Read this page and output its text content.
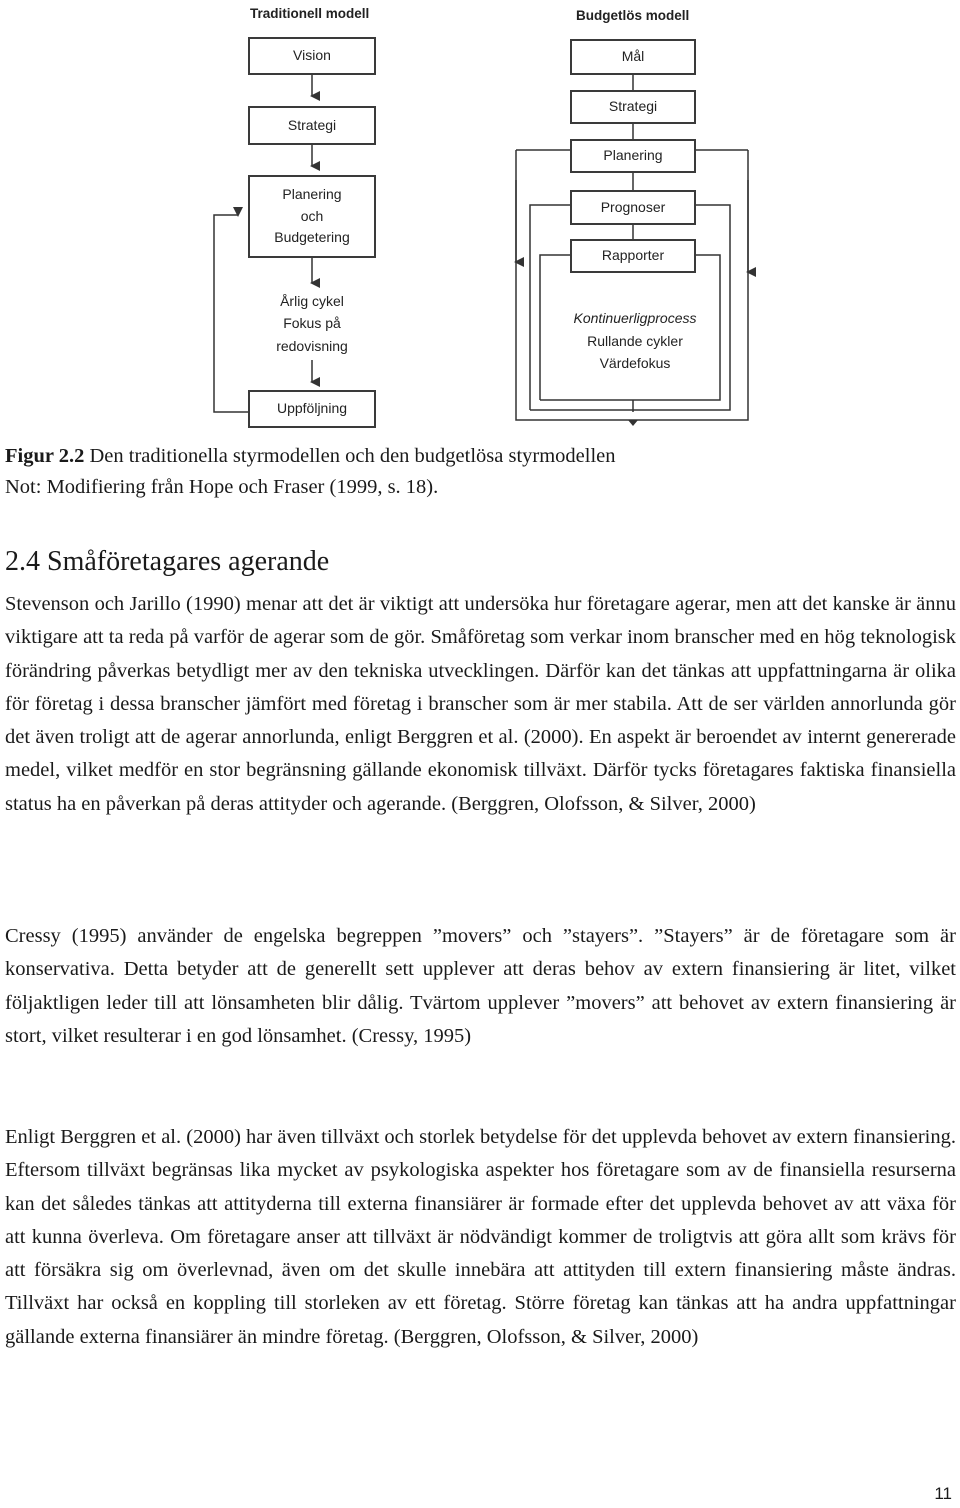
Traditionell modell
Vision
Strategi
Planering
och
Budgetering
Årlig cykel
Fokus på
redovisning
Uppföljning
Budgetlös modell
Mål
Strategi
Planering
Prognoser
Rapporter
Kontinuerligprocess
Rullande cykler
Värdefokus
Figur 2.2 Den traditionella styrmodellen och den budgetlösa styrmodellen
Not: Modifiering från Hope och Fraser (1999, s. 18).
2.4 Småföretagares agerande
Stevenson och Jarillo (1990) menar att det är viktigt att undersöka hur företagare agerar, men att det kanske är ännu viktigare att ta reda på varför de agerar som de gör. Småföretag som verkar inom branscher med en hög teknologisk förändring påverkas betydligt mer av den tekniska utvecklingen. Därför kan det tänkas att uppfattningarna är olika för företag i dessa branscher jämfört med företag i branscher som är mer stabila. Att de ser världen annorlunda gör det även troligt att de agerar annorlunda, enligt Berggren et al. (2000). En aspekt är beroendet av internt genererade medel, vilket medför en stor begränsning gällande ekonomisk tillväxt. Därför tycks företagares faktiska finansiella status ha en påverkan på deras attityder och agerande. (Berggren, Olofsson, & Silver, 2000)
Cressy (1995) använder de engelska begreppen ”movers” och ”stayers”. ”Stayers” är de företagare som är konservativa. Detta betyder att de generellt sett upplever att deras behov av extern finansiering är litet, vilket följaktligen leder till att lönsamheten blir dålig. Tvärtom upplever ”movers” att behovet av extern finansiering är stort, vilket resulterar i en god lönsamhet. (Cressy, 1995)
Enligt Berggren et al. (2000) har även tillväxt och storlek betydelse för det upplevda behovet av extern finansiering. Eftersom tillväxt begränsas lika mycket av psykologiska aspekter hos företagare som av de finansiella resurserna kan det således tänkas att attityderna till externa finansiärer är formade efter det upplevda behovet av att växa för att kunna överleva. Om företagare anser att tillväxt är nödvändigt kommer de troligtvis att göra allt som krävs för att försäkra sig om överlevnad, även om det skulle innebära att attityden till extern finansiering måste ändras. Tillväxt har också en koppling till storleken av ett företag. Större företag kan tänkas att ha andra uppfattningar gällande externa finansiärer än mindre företag. (Berggren, Olofsson, & Silver, 2000)
11
